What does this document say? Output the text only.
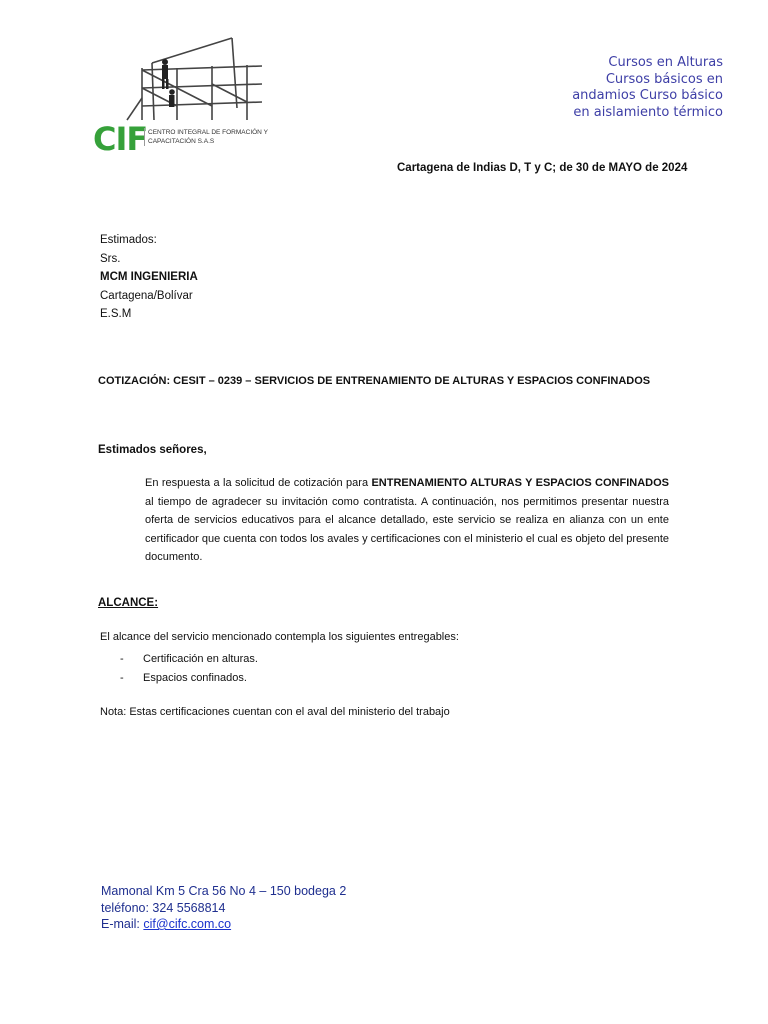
CIF CENTRO INTEGRAL DE FORMACIÓN Y
CAPACITACIÓN S.A.S
Cursos en Alturas
Cursos básicos en
andamios Curso básico
en aislamiento térmico
Cartagena de Indias D, T y C; de 30 de MAYO de 2024
Estimados:
Srs.
MCM INGENIERIA
Cartagena/Bolívar
E.S.M
COTIZACIÓN: CESIT – 0239 – SERVICIOS DE ENTRENAMIENTO DE ALTURAS Y ESPACIOS CONFINADOS
Estimados señores,
En respuesta a la solicitud de cotización para ENTRENAMIENTO ALTURAS Y ESPACIOS CONFINADOS al tiempo de agradecer su invitación como contratista. A continuación, nos permitimos presentar nuestra oferta de servicios educativos para el alcance detallado, este servicio se realiza en alianza con un ente certificador que cuenta con todos los avales y certificaciones con el ministerio el cual es objeto del presente documento.
ALCANCE:
El alcance del servicio mencionado contempla los siguientes entregables:
- Certificación en alturas.
- Espacios confinados.
Nota: Estas certificaciones cuentan con el aval del ministerio del trabajo
Mamonal Km 5 Cra 56 No 4 – 150 bodega 2
teléfono: 324 5568814
E-mail: cif@cifc.com.co
